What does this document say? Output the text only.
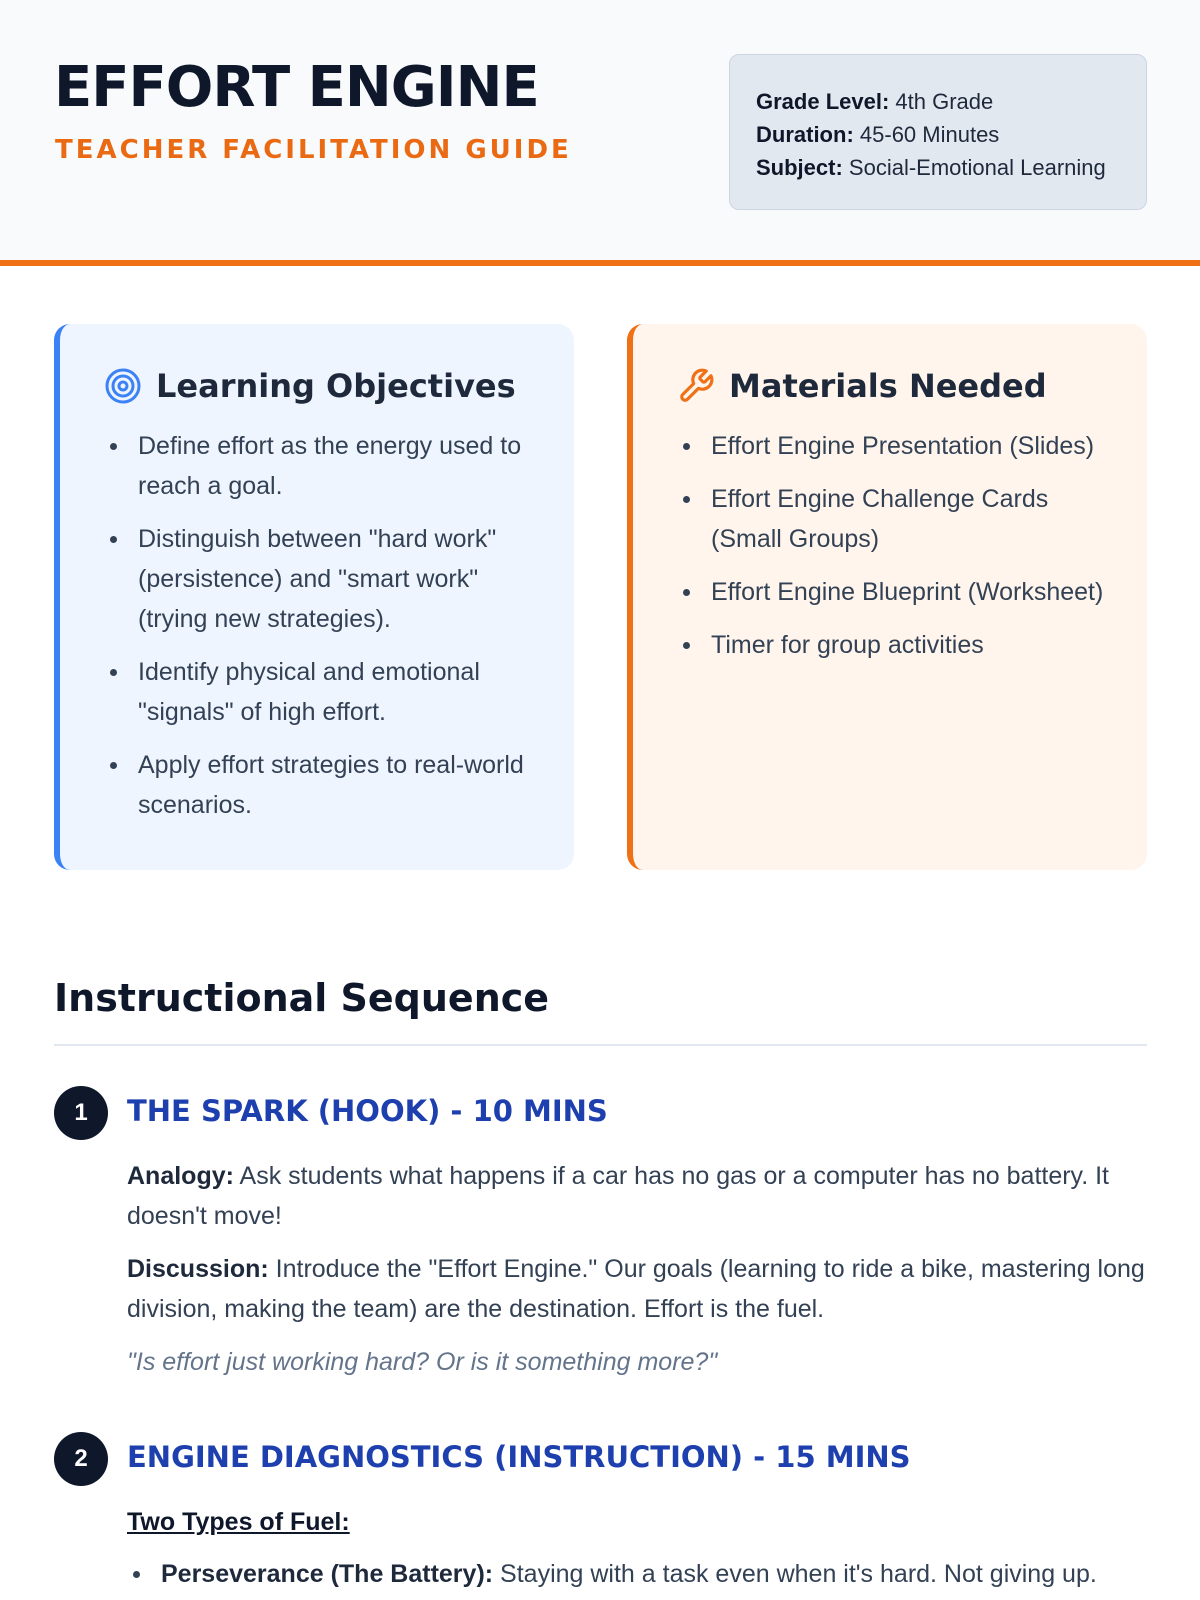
EFFORT ENGINE
TEACHER FACILITATION GUIDE
Grade Level: 4th Grade
Duration: 45-60 Minutes
Subject: Social-Emotional Learning
Learning Objectives
Define effort as the energy used to reach a goal.
Distinguish between "hard work" (persistence) and "smart work" (trying new strategies).
Identify physical and emotional "signals" of high effort.
Apply effort strategies to real-world scenarios.
Materials Needed
Effort Engine Presentation (Slides)
Effort Engine Challenge Cards (Small Groups)
Effort Engine Blueprint (Worksheet)
Timer for group activities
Instructional Sequence
1	THE SPARK (HOOK) - 10 MINS

Analogy: Ask students what happens if a car has no gas or a computer has no battery. It doesn't move!

Discussion: Introduce the "Effort Engine." Our goals (learning to ride a bike, mastering long division, making the team) are the destination. Effort is the fuel.

"Is effort just working hard? Or is it something more?"

2	ENGINE DIAGNOSTICS (INSTRUCTION) - 15 MINS

Two Types of Fuel:

Perseverance (The Battery): Staying with a task even when it's hard. Not giving up.
